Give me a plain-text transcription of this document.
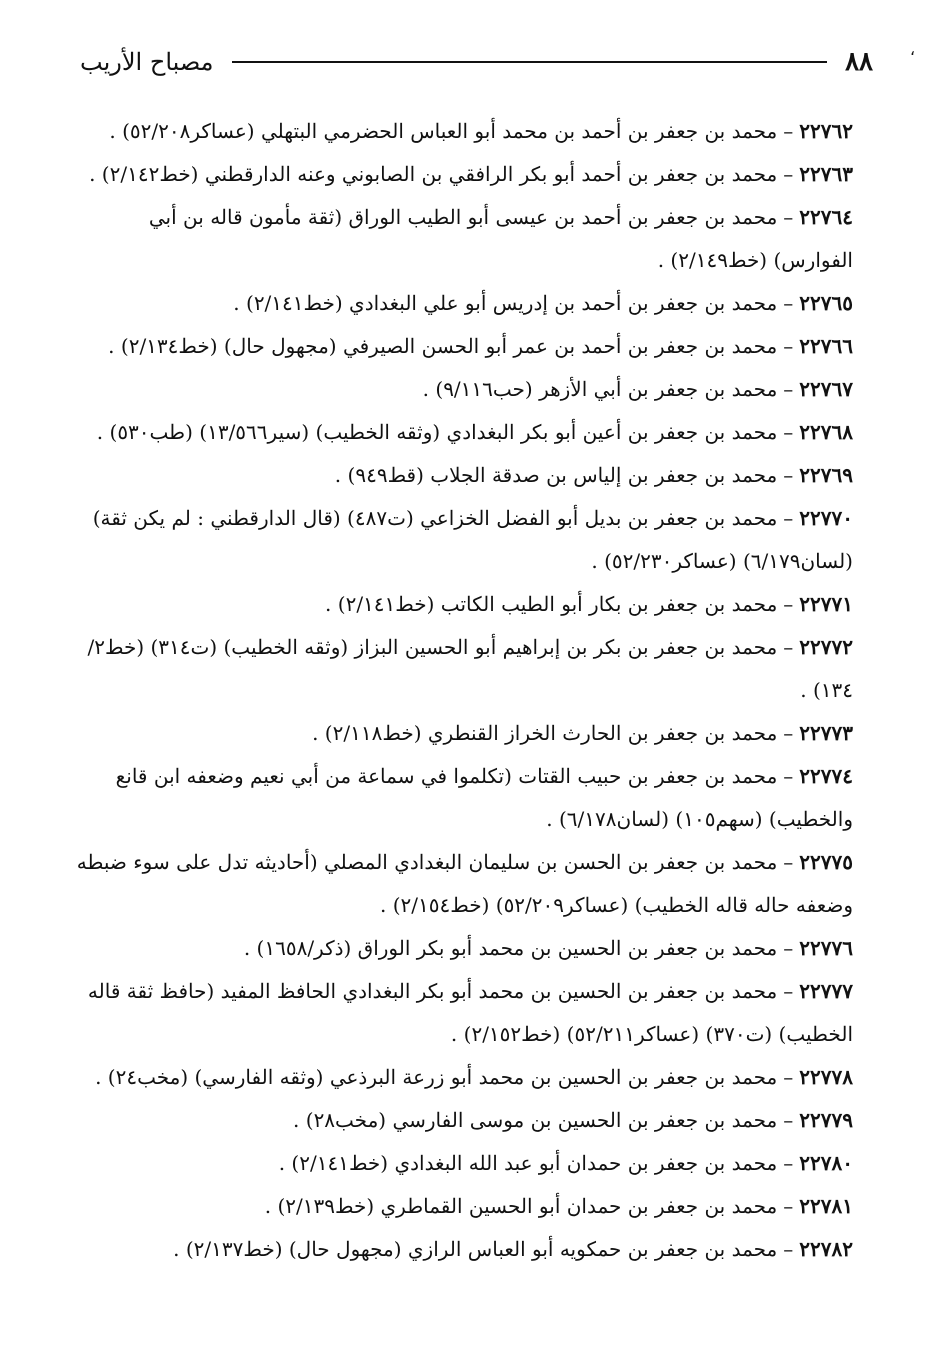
،
٨٨
مصباح الأريب

٢٢٧٦٢–محمد بن جعفر بن أحمد بن محمد أبو العباس الحضرمي البتهلي (عساكر٥٢/٢٠٨) .

٢٢٧٦٣–محمد بن جعفر بن أحمد أبو بكر الرافقي بن الصابوني وعنه الدارقطني (خط٢/١٤٢) .

٢٢٧٦٤–محمد بن جعفر بن أحمد بن عيسى أبو الطيب الوراق (ثقة مأمون قاله بن أبي الفوارس) (خط٢/١٤٩) .

٢٢٧٦٥–محمد بن جعفر بن أحمد بن إدريس أبو علي البغدادي (خط٢/١٤١) .

٢٢٧٦٦–محمد بن جعفر بن أحمد بن عمر أبو الحسن الصيرفي (مجهول حال) (خط٢/١٣٤) .

٢٢٧٦٧–محمد بن جعفر بن أبي الأزهر (حب٩/١١٦) .

٢٢٧٦٨–محمد بن جعفر بن أعين أبو بكر البغدادي (وثقه الخطيب) (سير١٣/٥٦٦) (طب٥٣٠) .

٢٢٧٦٩–محمد بن جعفر بن إلياس بن صدقة الجلاب (قط٩٤٩) .

٢٢٧٧٠–محمد بن جعفر بن بديل أبو الفضل الخزاعي (ت٤٨٧) (قال الدارقطني : لم يكن ثقة) (لسان٦/١٧٩) (عساكر٥٢/٢٣٠) .

٢٢٧٧١–محمد بن جعفر بن بكار أبو الطيب الكاتب (خط٢/١٤١) .

٢٢٧٧٢–محمد بن جعفر بن بكر بن إبراهيم أبو الحسين البزاز (وثقه الخطيب) (ت٣١٤) (خط٢/ ١٣٤) .

٢٢٧٧٣–محمد بن جعفر بن الحارث الخراز القنطري (خط٢/١١٨) .

٢٢٧٧٤–محمد بن جعفر بن حبيب القتات (تكلموا في سماعة من أبي نعيم وضعفه ابن قانع والخطيب) (سهم١٠٥) (لسان٦/١٧٨) .

٢٢٧٧٥–محمد بن جعفر بن الحسن بن سليمان البغدادي المصلي (أحاديثه تدل على سوء ضبطه وضعفه حاله قاله الخطيب) (عساكر٥٢/٢٠٩) (خط٢/١٥٤) .

٢٢٧٧٦–محمد بن جعفر بن الحسين بن محمد أبو بكر الوراق (ذكر/١٦٥٨) .

٢٢٧٧٧–محمد بن جعفر بن الحسين بن محمد أبو بكر البغدادي الحافظ المفيد (حافظ ثقة قاله الخطيب) (ت٣٧٠) (عساكر٥٢/٢١١) (خط٢/١٥٢) .

٢٢٧٧٨–محمد بن جعفر بن الحسين بن محمد أبو زرعة البرذعي (وثقه الفارسي) (مخب٢٤) .

٢٢٧٧٩–محمد بن جعفر بن الحسين بن موسى الفارسي (مخب٢٨) .

٢٢٧٨٠–محمد بن جعفر بن حمدان أبو عبد الله البغدادي (خط٢/١٤١) .

٢٢٧٨١–محمد بن جعفر بن حمدان أبو الحسين القماطري (خط٢/١٣٩) .

٢٢٧٨٢–محمد بن جعفر بن حمكويه أبو العباس الرازي (مجهول حال) (خط٢/١٣٧) .
